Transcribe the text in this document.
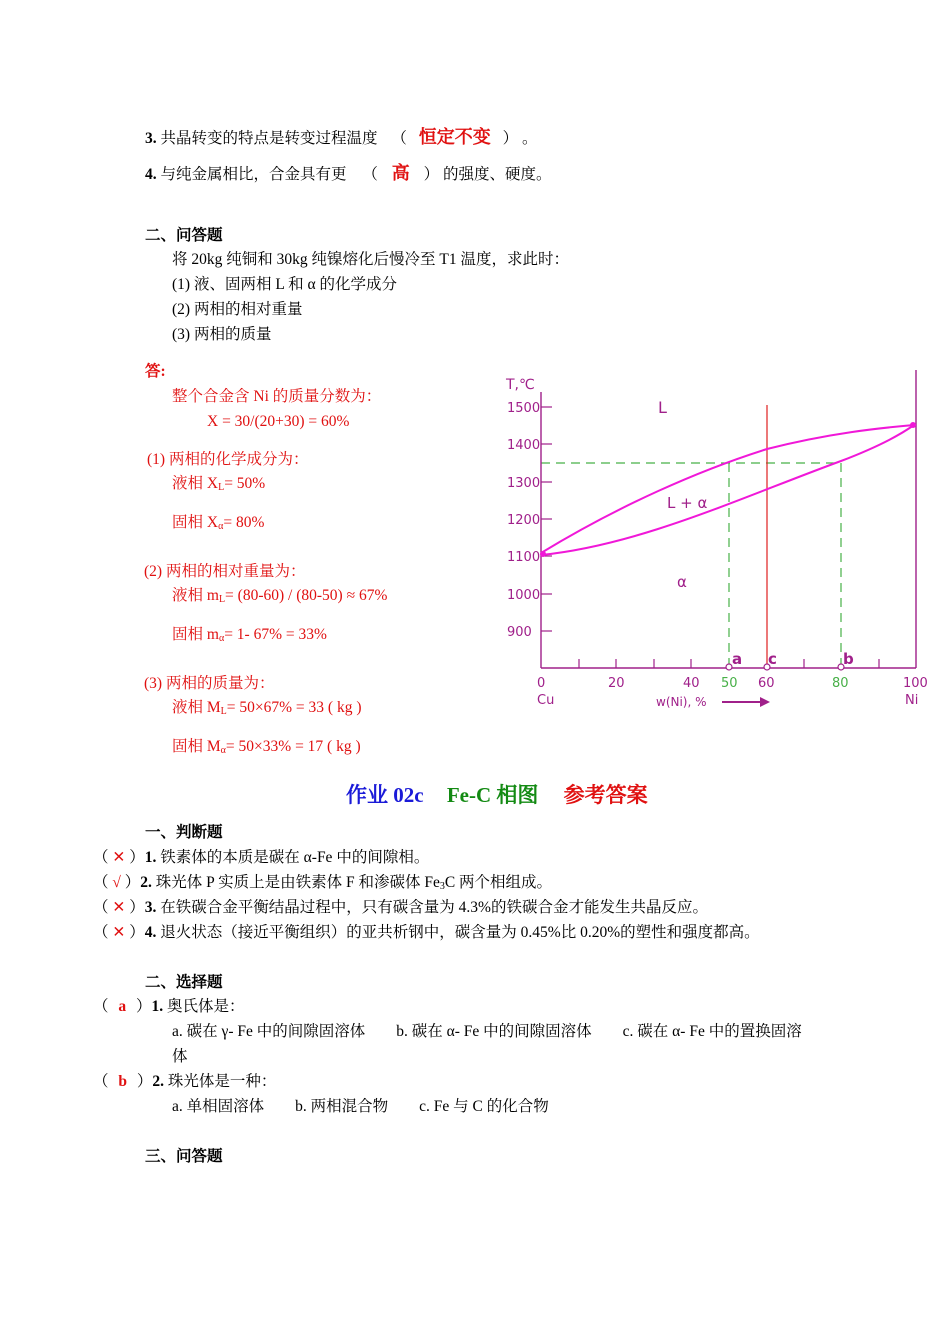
3. 共晶转变的特点是转变过程温度 （ 恒定不变 ） 。
4. 与纯金属相比，合金具有更 （ 高 ） 的强度、硬度。
二、问答题
将 20kg 纯铜和 30kg 纯镍熔化后慢冷至 T1 温度，求此时：
(1) 液、固两相 L 和 α 的化学成分
(2) 两相的相对重量
(3) 两相的质量
答:
整个合金含 Ni 的质量分数为：
X = 30/(20+30) = 60%
(1) 两相的化学成分为：
液相 $X_L= 50\%$
固相 $X_\alpha= 80\%$
(2) 两相的相对重量为：
液相 $m_L= (80-60) / (80-50) \approx 67\%$
固相 $m_\alpha= 1-$ 67% = 33%
(3) 两相的质量为：
液相 $M_L= 50\times 67\% = 33$ ( kg )
固相 $M_\alpha= 50\times 33\% = 17$ ( kg )
T,℃
1500
1400
1300
1200
1100
1000
900
0	20	40 50 60	80	100
Cu	Ni
w(Ni), %
L
L + α
α
a c	b
作业 02c Fe-C 相图 参考答案
一、判断题
（ ✕ ）1. 铁素体的本质是碳在 α-Fe 中的间隙相。
（ √ ）2. 珠光体 P 实质上是由铁素体 F 和渗碳体 $Fe_3C$ 两个相组成。
（ ✕ ）3. 在铁碳合金平衡结晶过程中，只有碳含量为 4.3%的铁碳合金才能发生共晶反应。
（ ✕ ）4. 退火状态（接近平衡组织）的亚共析钢中，碳含量为 0.45%比 0.20%的塑性和强度都高。
二、选择题
（ a ）1. 奥氏体是：
a. 碳在 γ- Fe 中的间隙固溶体　　b. 碳在 α- Fe 中的间隙固溶体　　c. 碳在 α- Fe 中的置换固溶
体
（ b ）2. 珠光体是一种：
a. 单相固溶体　　b. 两相混合物　　c. Fe 与 C 的化合物
三、问答题
